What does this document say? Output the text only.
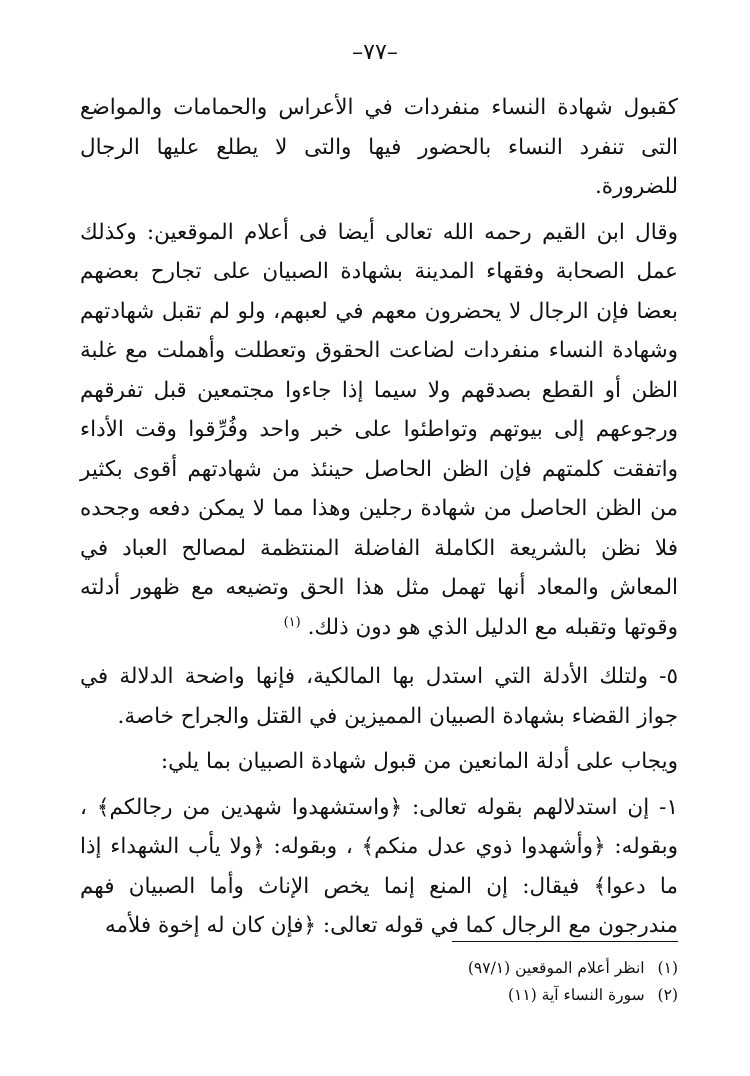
–٧٧–

كقبول شهادة النساء منفردات في الأعراس والحمامات والمواضع التى تنفرد النساء بالحضور فيها والتى لا يطلع عليها الرجال للضرورة.

وقال ابن القيم رحمه الله تعالى أيضا فى أعلام الموقعين: وكذلك عمل الصحابة وفقهاء المدينة بشهادة الصبيان على تجارح بعضهم بعضا فإن الرجال لا يحضرون معهم في لعبهم، ولو لم تقبل شهادتهم وشهادة النساء منفردات لضاعت الحقوق وتعطلت وأهملت مع غلبة الظن أو القطع بصدقهم ولا سيما إذا جاءوا مجتمعين قبل تفرقهم ورجوعهم إلى بيوتهم وتواطئوا على خبر واحد وفُرِّقوا وقت الأداء واتفقت كلمتهم فإن الظن الحاصل حينئذ من شهادتهم أقوى بكثير من الظن الحاصل من شهادة رجلين وهذا مما لا يمكن دفعه وجحده فلا نظن بالشريعة الكاملة الفاضلة المنتظمة لمصالح العباد في المعاش والمعاد أنها تهمل مثل هذا الحق وتضيعه مع ظهور أدلته وقوتها وتقبله مع الدليل الذي هو دون ذلك. $^{(١)}$

٥- ولتلك الأدلة التي استدل بها المالكية، فإنها واضحة الدلالة في جواز القضاء بشهادة الصبيان المميزين في القتل والجراح خاصة.

ويجاب على أدلة المانعين من قبول شهادة الصبيان بما يلي:

١- إن استدلالهم بقوله تعالى: ﴿واستشهدوا شهدين من رجالكم﴾ ، وبقوله: ﴿وأشهدوا ذوي عدل منكم﴾ ، وبقوله: ﴿ولا يأب الشهداء إذا ما دعوا﴾ فيقال: إن المنع إنما يخص الإناث وأما الصبيان فهم مندرجون مع الرجال كما في قوله تعالى: ﴿فإن كان له إخوة فلأمه

(١) انظر أعلام الموقعين (٩٧/١)
(٢) سورة النساء آية (١١)
